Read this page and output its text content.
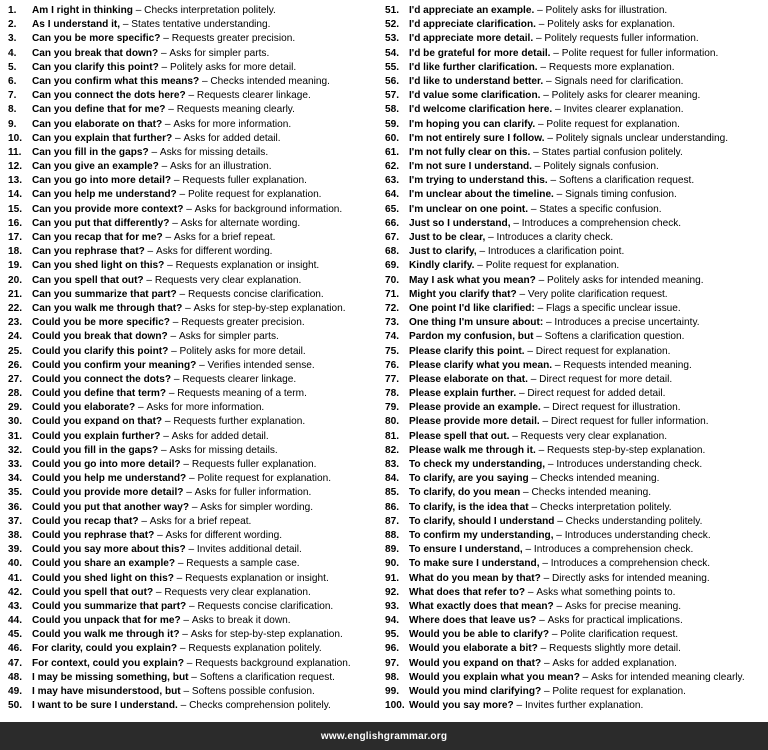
1.	Am I right in thinking – Checks interpretation politely.
2.	As I understand it, – States tentative understanding.
3.	Can you be more specific? – Requests greater precision.
4.	Can you break that down? – Asks for simpler parts.
5.	Can you clarify this point? – Politely asks for more detail.
6.	Can you confirm what this means? – Checks intended meaning.
7.	Can you connect the dots here? – Requests clearer linkage.
8.	Can you define that for me? – Requests meaning clearly.
9.	Can you elaborate on that? – Asks for more information.
10. Can you explain that further? – Asks for added detail.
11.	Can you fill in the gaps? – Asks for missing details.
12. Can you give an example? – Asks for an illustration.
13. Can you go into more detail? – Requests fuller explanation.
14. Can you help me understand? – Polite request for explanation.
15. Can you provide more context? – Asks for background information.
16. Can you put that differently? – Asks for alternate wording.
17. Can you recap that for me? – Asks for a brief repeat.
18. Can you rephrase that? – Asks for different wording.
19. Can you shed light on this? – Requests explanation or insight.
20. Can you spell that out? – Requests very clear explanation.
21. Can you summarize that part? – Requests concise clarification.
22. Can you walk me through that? – Asks for step-by-step explanation.
23. Could you be more specific? – Requests greater precision.
24. Could you break that down? – Asks for simpler parts.
25. Could you clarify this point? – Politely asks for more detail.
26. Could you confirm your meaning? – Verifies intended sense.
27. Could you connect the dots? – Requests clearer linkage.
28. Could you define that term? – Requests meaning of a term.
29. Could you elaborate? – Asks for more information.
30. Could you expand on that? – Requests further explanation.
31. Could you explain further? – Asks for added detail.
32. Could you fill in the gaps? – Asks for missing details.
33. Could you go into more detail? – Requests fuller explanation.
34. Could you help me understand? – Polite request for explanation.
35. Could you provide more detail? – Asks for fuller information.
36. Could you put that another way? – Asks for simpler wording.
37. Could you recap that? – Asks for a brief repeat.
38. Could you rephrase that? – Asks for different wording.
39. Could you say more about this? – Invites additional detail.
40. Could you share an example? – Requests a sample case.
41. Could you shed light on this? – Requests explanation or insight.
42. Could you spell that out? – Requests very clear explanation.
43. Could you summarize that part? – Requests concise clarification.
44. Could you unpack that for me? – Asks to break it down.
45. Could you walk me through it? – Asks for step-by-step explanation.
46. For clarity, could you explain? – Requests explanation politely.
47. For context, could you explain? – Requests background explanation.
48. I may be missing something, but – Softens a clarification request.
49. I may have misunderstood, but – Softens possible confusion.
50. I want to be sure I understand. – Checks comprehension politely.
51. I'd appreciate an example. – Politely asks for illustration.
52. I'd appreciate clarification. – Politely asks for explanation.
53. I'd appreciate more detail. – Politely requests fuller information.
54. I'd be grateful for more detail. – Polite request for fuller information.
55. I'd like further clarification. – Requests more explanation.
56. I'd like to understand better. – Signals need for clarification.
57. I'd value some clarification. – Politely asks for clearer meaning.
58. I'd welcome clarification here. – Invites clearer explanation.
59. I'm hoping you can clarify. – Polite request for explanation.
60. I'm not entirely sure I follow. – Politely signals unclear understanding.
61. I'm not fully clear on this. – States partial confusion politely.
62. I'm not sure I understand. – Politely signals confusion.
63. I'm trying to understand this. – Softens a clarification request.
64. I'm unclear about the timeline. – Signals timing confusion.
65. I'm unclear on one point. – States a specific confusion.
66. Just so I understand, – Introduces a comprehension check.
67. Just to be clear, – Introduces a clarity check.
68. Just to clarify, – Introduces a clarification point.
69. Kindly clarify. – Polite request for explanation.
70. May I ask what you mean? – Politely asks for intended meaning.
71. Might you clarify that? – Very polite clarification request.
72. One point I'd like clarified: – Flags a specific unclear issue.
73. One thing I'm unsure about: – Introduces a precise uncertainty.
74. Pardon my confusion, but – Softens a clarification question.
75. Please clarify this point. – Direct request for explanation.
76. Please clarify what you mean. – Requests intended meaning.
77. Please elaborate on that. – Direct request for more detail.
78. Please explain further. – Direct request for added detail.
79. Please provide an example. – Direct request for illustration.
80. Please provide more detail. – Direct request for fuller information.
81. Please spell that out. – Requests very clear explanation.
82. Please walk me through it. – Requests step-by-step explanation.
83. To check my understanding, – Introduces understanding check.
84. To clarify, are you saying – Checks intended meaning.
85. To clarify, do you mean – Checks intended meaning.
86. To clarify, is the idea that – Checks interpretation politely.
87. To clarify, should I understand – Checks understanding politely.
88. To confirm my understanding, – Introduces understanding check.
89. To ensure I understand, – Introduces a comprehension check.
90. To make sure I understand, – Introduces a comprehension check.
91. What do you mean by that? – Directly asks for intended meaning.
92. What does that refer to? – Asks what something points to.
93. What exactly does that mean? – Asks for precise meaning.
94. Where does that leave us? – Asks for practical implications.
95. Would you be able to clarify? – Polite clarification request.
96. Would you elaborate a bit? – Requests slightly more detail.
97. Would you expand on that? – Asks for added explanation.
98. Would you explain what you mean? – Asks for intended meaning clearly.
99. Would you mind clarifying? – Polite request for explanation.
100. Would you say more? – Invites further explanation.
www.englishgrammar.org
